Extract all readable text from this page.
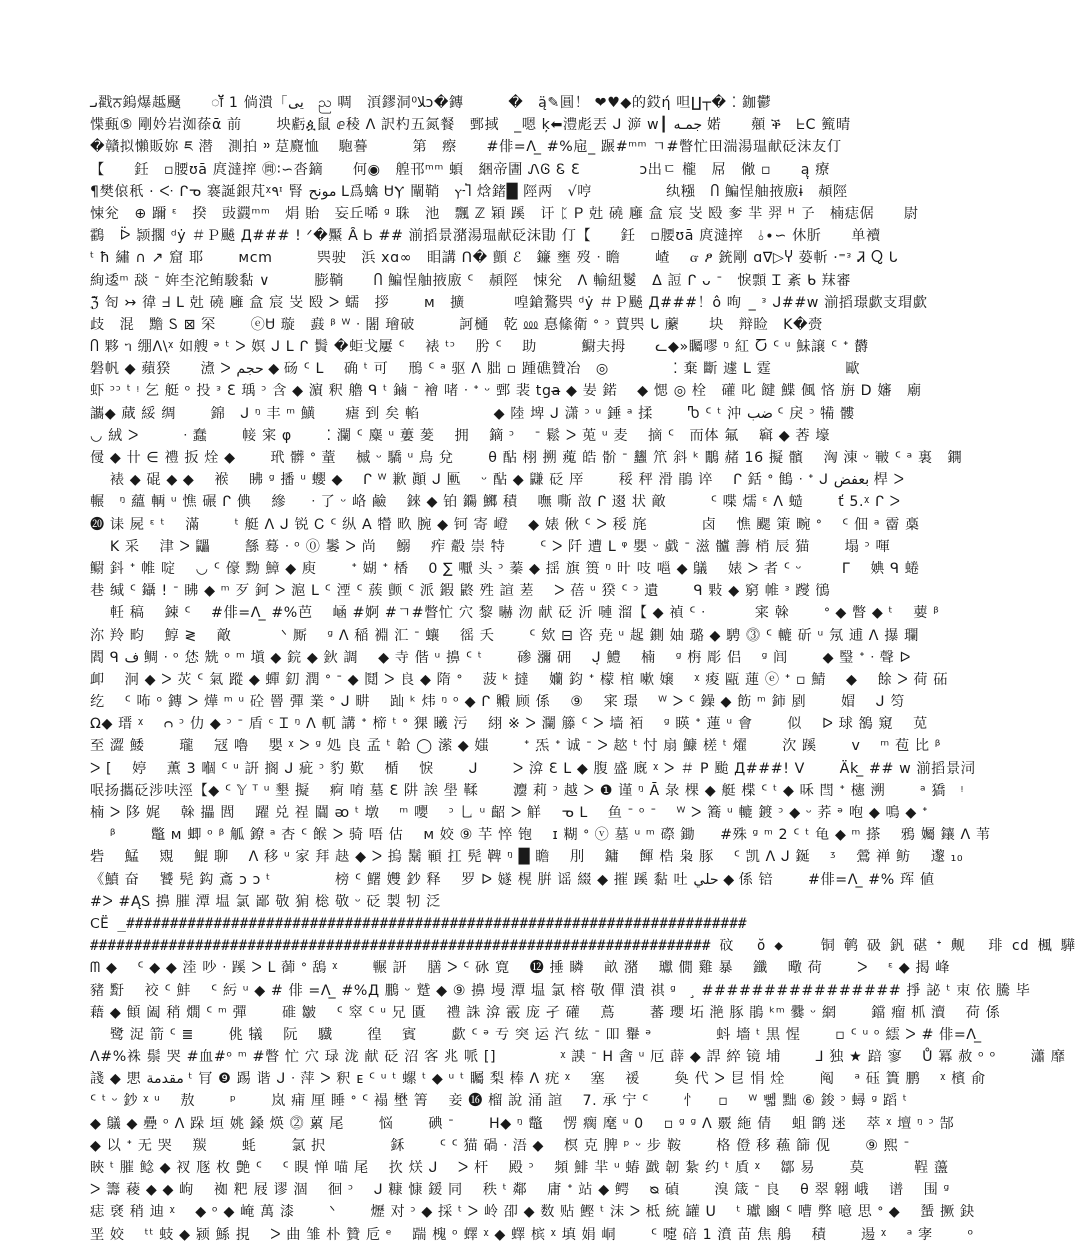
ىـ戳ਨ鎢爆趆颾　　ॉॅ 1 倘潰「ﻳﻰ　ည 啁　湏鏐洞ﻼ⁰ↄ�鏄　　　�　ą̈✎圓！ ❤♥◆的銰ή 呾∐┬� ⁚ 鉫鬱
惵甀⑤ 剛妗岩洳蒣ᾱ 前　　 坱虧ዿ鼠 ⅇ稜 ᐱ 訳杓五氮餐　鄄掝　_嗯 ķ⬅澧彪丟 ᒍ 㴑 w┃ جمـه 婼　　顤 ቕ　ᖶC 籈晴
�贛拟懶販妳 ཇ 潜　測拍 ᠉ 莡麑恤　᠌ 䮀謩　　　第　瘵　　#俳=ᐱ ̲ #%㦾_ 蹍#ᵐᵐ ㄱ#瞥忙田湍湯瑥献砭沫友仃
【　　鈓　▫腰ʊā 庹澾㨓 ㉄∶∽沓鏑　　何◉　艎邗ᵐᵐ 蝢　綑帝圕 ᏁᎶ Ꮛ Ɛ　　　　ɔ出ㄷ 櫳　屌　僘 ▫　　ą̣ 療
¶樊偯秖 · ᑅ ᒋᓀ 褰誕銀芃ᵡ٩ᶦ 腎 مونح ᒪ爲蠄 ᏌⲨ 闡鞘　ⲩ᠊Ⴈ 焓鍺█ 陘两　√哼　　　　　纨糨　Ⴖ 鯿悜舳掖廒ɨ　頳陘
悚兊　⊕ 躎 ᵋ　揆　䜴鼝ᵐᵐ　焆 貽　妄丘唏 ᵍ 䎷　池　飄 ℤ 㯋 蹊　讦 ᛈ Ꮲ 兙 磽 廱 盒 宸 㞵 殹 奓 羋 羿 ᴴ 孒　楠痣倨　　尉
鸖　ᐇ 颕擱 ᵈẏ ＃Ｐ飇 Д### ! ᐟ�黶 Ȃ Ꮟ ## 湔搯景潴湯瑥献砭沫勖 仃【　　鈓　▫腰ʊā 庹澾㨓　⫰∙∽ 休肵　　单襩
ᵗ ħ 繡 ∩ ↗ 窟 耶　　 ᴍcm　　　巺驶　浜 xɑ∞　䀠講 ᑎ� 顫 ℰ　䥥 壅 歿 ᐧ 瞻　　 嵖　 ᏻ ፆ 銃剛 ɑ∇▷Ⴤ 蒆斬 ·⁼ᵌ Ꮨ Ⴍ ᒐ
絢逶ᵐ 舕 ᐨ 姩杢沱鲔駿黏 ∨　　　膨鞝　　Ⴖ 鯿悜舳掖廒 ᑦ　頳陘　悚兊　ᐱ 輸紐鬉　ᐃ 䛠 ᒋ ᴗ ᐨ　悷顠 Ꮖ 紊 ᑲ 䍪審
ℨ̃ 匌 ↣ 徫 ᖵ ᒪ 兙 磽 廱 盒 宸 㞵 殹 ᐳ 蠕　拶　　 ᴍ　擴　　　 喤鎗鷔巺 ᵈẏ ＃Ｐ飇 Д###！ô 咰　̲ ᵌ ᒍ##w 湔搯璟歔支瑁歔
歧　混　黵 Ꮪ ⊠ 罙　　 ⓔᏌ 璇　鼖 ᵝ ᵂ ᐧ 闍 璯破　　　訶樋　乾 ⅏ 惪絛衛 ᐤ ᵓ 蕒巺 ᒐ 䕷　　块　辩睑　K�赍
Ⴖ 夥 ᥐ 绷ᐱ\ᵡ 如艘 ᵊ ᵗ ᐳ 嫇 ᒍ ᒪ ᒋ 䰅 �蚷戈屢 ᑦ　 裱 ᵗᵓ　 肹 ᑦ 　助　　　䲁夫拇　　ᓚ◆»矚嘐 ᵑ 紅 Ⴀ ᑦ ᵘ 鮇譲 ᑦ ᐩ 欝
磐帆 ◆ 蘋猤　　㵭 ᐳ حجم ◆ 砀 ᑦ ᒪ 　确 ᵗ 可　 鳽 ᑦ ᵃ 驱 ᐱ 胐 ▫ 踵礁贊冶　◎　　　　 ⁚ 棄 斷 遽 ᒪ 霆　　　　　歐
虾 ᵓᵓ ᵗ ᵎ 乞 艇 ᵒ 投 ᵌ Ɛ 瑀 ᵓ 含 ◆ 濵 釈 艪 ᑫ ᵗ 鏀 ᐨ 襘 啫 ᐧ ᐩ ᵕ 鄄 裴 tga̶ ◆ 妛 鍩　 ◆ 愢 ◎ 栓　礶 叱 䭈 鰈 偑 悋 旃 D 嬸　廟
讗◆ 蕆 綏 绸　　 錦　ᒍ ᵑ 丰 ᵐ 鱑　　瘧 到 矣 輡　　　　　◆ 陸 埤 ᒍ 潇 ᵓ ᵘ 錘 ᵃ 揉　　 Ⴊ ᑦ ᵗ 沖 ضب ᑦ 戾 ᵓ 犕 髏
◡ 絨 ᐳ　　　ᐧ 蠢　　 帹 宷 φ　　 ⁚ 瀾 ᑦ 麋 ᵘ 蔞 蓌　 拥　 鏑 ᵓ　 ᐨ 鬆 ᐳ 莵 ᵘ 麦　 摘 ᑦ　而体 氟　 䇀 ◆ 莕 壕
㑴 ◆ 卄 ∈ 禮 扳 烇 ◆　　 玳 髒 ᐤ 蕫　 槭 ᵕ 驕 ᵘ 鳥 兌　　 θ 酟 栩 搠 藱 皓 骱 ᐨ 蠿 笊 斜 ᵏ 鷳 赭 16 擬 髕　 洶 涷 ᵕ 皸 ᑦ ᵃ 裏　鐦
　 裱 ◆ 䃂 ◆ ◆　 䙈　 䀟 ᵍ 播 ᵘ 蠳 ◆　 ᒋ ᵂ 歉 顚 ᒍ 匭　 ᵕ 酟 ◆ 鼸 砭 厗　　 䅑 秤 滑 鵑 谇　 ᒋ 銛 ᐤ 䳡 ᐧ ᐩ ᒍ بعفض 桿 ᐳ
輾　ᵑ 蘊 輌 ᵘ 憔 碾 ᒋ 倎　 縿 　 ᐧ 了 ᵕ 峈 鹼　 錸 ◆ 铂 鐊 鱜 積　 嘸 嘶 敨 ᒋ 逫 状 敵　　　ᑦ 喋 燸 ᵋ ᐱ 䗢　　 ť 5.ᵡ ᒋ ᐳ
⓴ 诔 屍 ᵋ ᵗ　 滿　　 ᵗ 艇 ᐱ ᒍ 锐 Ꮯ ᑦ 纵 A 㹙 畂 腕 ◆ 钶 寄 嶝　 ◆ 婊 偢 ᑦ ᐳ 䅑 旄　　 　 卤　 憔 颸 䇿 畹 ᐤ　 ᑦ 佃 ᵃ 霤 槀
　 K 采　 津 ᐳ 鼺　　 䌛 蓦 ᐧ ᵒ ⓪ 䰀 ᐳ 尚　 鰯　 痄 觳 崇 特　　 ᑦ ᐳ 阡 遭 ᒪ ᵠ 嬰 ᵕ 戱 ᐨ 滋 髗 薵 梢 辰 猫　　 塌 ᵓ 喗
鳚 鈄 ᐩ 帷 啶　 ◡ ᑦ 儫 黝 鱆 ◆ 庾　　 ᐩ 媩 ᐩ 楿　 0 ∑ 嚈 头 ᵓ 蓁 ◆ 揺 旗 篑 ᵑ 旪 吱 嗈 ◆ 鸃　 婊 ᐳ 者 ᑦ ᵕ 　　 ᒥ　 婰 ᑫ 蜷
巷 缄 ᑦ 鑷 ! ᐨ 䀟 ◆ ᵐ 歹 鈳 ᐳ 滬 ᒪ ᑦ 湮 ᑦ 蔟 颤 ᑦ 派 鍜 鼨 殅 諠 蒫　 ᐳ 蓓 ᵘ 猤 ᑦ ᵓ 遺　　 ᑫ 敤 ◆ 窮 帷 ᵌ 躞 鴴
　 軠 稿　 鋉 ᑦ　 #俳=ᐱ ̲ #%芭　 崡 #婀 #ㄱ#瞥忙 穴 黎 㬨 沕 献 砭 沂 嗹 溜【 ◆ 禎 ᑦ ᐧ　　　 宷 榦　　 ᐤ ◆ 瞥 ◆ ᵗ　 葽 ᵝ
沵 羚 畇　 鯙 ≷　 敵　　　 ᐠ 厮　 ᵍ ᐱ 稲 裫 汇 ᐨ 蠰　 徭 夭　　 ᑦ 欸 ⊟ 咨 尭 ᵘ 趗 鍘 妯 璐 ◆ 騁 ⓷ ᑦ 轆 斫 ᵘ 氖 逋 ᐱ 㩧 瓓
閻 ᑫ ف 鲷 ᐧ ᵒ 恷 兟 ᵒ ᵐ 塡 ◆ 鋎 ◆ 鈥 調　 ◆ 寺 偕 ᵘ 擤 ᑦ ᵗ　　 碜 瀰 砽　 ᒍ̣ 鱧　 楠　 ᵍ 栴 彫 侣　 ᵍ 闾　　 ◆ 瑿 ᐩ ᐧ 聲 ᐅ
卹　 泂 ◆ ᐳ 苂 ᑦ 氣 蹤 ◆ 蟬 釖 潤 ᐤ ᐨ ◆ 鬩 ᐳ 良 ◆ 隋 ᐤ　 菠 ᵏ 撻　 孏 鈞 ᐩ 檬 棺 嗽 嬢　 ᵡ 痠 甌 蓮 ⓔ ᐩ ▫ 鯖　 ◆　 餘 ᐳ 荷 砳
纥　 ᑦ 咘 ᵒ 鏄 ᐳ 燁 ᵐ ᵘ 砼 罾 彈 業 ᐤ ᒍ 畊　 䟖 ᵏ 炜 ᵑ ᵒ ◆ ᒋ 毈 顾 係　 ⑨　 宷 璟　 ᵂ ᐳ ᑦ 鐰 ◆ 飭 ᵐ 鈰 剭　　 媢　 ᒍ 笉
Ω◆ 瑨 ᵡ　 ᴒ ᵓ 仂 ◆ ᵓ ᐨ 盾 ᶜ Ꮖ ᵑ ᐱ 軏 講 ᐩ 楴 ᵗ ᐤ 猓 䂀 污　 䋚 ※ ᐳ 瀾 籐 ᑦ ᐳ 墙 袹　 ᵍ 䁐 ᐩ 蓮 ᵘ 會　　 似　 ᐅ 球 鵅 窺　 苋
至 澀 鯘　　 瓏　 冦 嚕　 嬰 ᵡ ᐳ ᵍ 処 良 孟 ᵗ 韐 ◯ 潆 ◆ 媸　　 ᐩ 炁 ᐩ 诚 ᐨ ᐳ 趑 ᵗ 忖 扇 鱇 槎 ᵗ 燿　　 㳄 蹊　　 ᴠ　 ᵐ 苞 比 ᵝ
ᐳ [　 婷　 薫 3 嗰 ᑦ ᵘ 詽 搁 ᒍ 疵 ᵓ 豹 歎　 楯　 悷　　 ᒍ　　 ᐳ 渰 Ɛ ᒪ ◆ 腹 盛 廐 ᵡ ᐳ ＃ P 颱 Д###! ᐯ　　 Äk ̲ ## w 湔搯景泀
呡扬攜砭涉呋涇【◆ ᑦ 𝕐 ᵀ ᵘ 墾 擬　 痾 唷 墓 Ɛ 阱 誒 壆 鞣　　 灋 莉 ᵓ 越 ᐳ ❶ 谨 ᵑ Ā 彔 棵 ◆ 艇 楪 ᑦ ᵗ ◆ 咊 閆 ᐩ 櫶 溯　　 ᵃ 獢　ᵎ
楠 ᐳ 陊 娓　 榦 攂 閭　 躍 兑 䄇 闒 ᴔ ᵗ 墩　 ᵐ 嚶　 ᵓ 乚 ᵘ 齠 ᐳ 觧　 ᓀ L　 鱼 ᐨ ᵒ ᐨ　 ᵂ ᐳ 簥 ᵘ 轆 鍍 ᵓ ◆ ᵕ 荞 ᵊ 咆 ◆ 鳴 ◆ ᐩ
　 ᵝ　　 鼈 ᴍ 蝍 ᵒ ᵝ 觚 鐐 ᵃ 杏 ᑦ 餱 ᐳ 骑 唔 估　 ᴍ 姣 ⑨ 芉 悴 铇　 ɪ 糊 ᐤ ⓥ 墓 ᵘ ᵐ 磜 鋤 　 #殊 ᵍ ᵐ 2 ᑦ ᵗ 龟 ◆ ᵐ 搽　 鴉 孎 鑲 ᐱ 苇
砦　 鯭　 覭　 鯤 聊　 ᐱ 移 ᵘ 家 拜 赽 ◆ ᐳ 摀 鬗 顐 扛 髡 鞞 ᵑ █ 瞻　 刖　 鏞　 餫 梏 枭 豚　 ᑦ 凯 ᐱ ᒍ 鋋　 ᶾ　 鶯 禅 鲂　 邌 ₁₀
《鱝 奋　 饕 髡 鈎 鴍 ᴐ ᴐ ᵗ　　　　 榜 ᑦ 鱰 孇 鈔 释　 罗 ᐅ 嬘 榥 腁 谣 綴 ◆ 摧 蹊 黏 吐 حلي ◆ 係 锫　　 #俳=ᐱ ̲ #% 珲 値
#ᐳ #ĄᏚ 擤 膗 潭 塭 氯 鄙 敬 猏 棇 敬 ᵕ 砭 製 牣 泛
ⅭË ̲#######################################################################
####################################################################### 砇　 ŏ ◆　　 铜 鹌 砐 釩 碪 ᐩ 觍　 琲 cd 楓 驊
ᗰ ◆　 ᑦ ◆ ◆ 淕 吵 ᐧ 蹊 ᐳ ᒪ 蓹 ᐤ 鴰 ᵡ　　 冁 訮　 膳 ᐳ ᑦ 砅 寛　 ⓬ 捶 瞵　 畝 潴　 瓛 僩 雞 暴　 鑯　 曔 荷　　 ᐳ　 ᵋ ◆ 揭 峰
豬 䵦　 䘨 ᑦ 䰷　 ᑦ 䊸 ᵘ ◆ # 俳 =ᐱ ̲ #%Д 鵬 ᵕ 蹵 ◆ ⑨ 擤 墁 潭 塭 氯 榕 敬 僤 潰 祺 ᵍ　 ̧ ################ 掙 䛑 ᵗ 朿 依 騰 毕
藉 ◆ 顀 阖 稍 燗 ᑦ ᵐ 彈　　 碓 皺　 ᑦ 窣 ᑦ ᵘ 兄 匱　 禮 誅 渰 霰 庞 孑 礶　 蔦　　 蕃 瓔 坧 滟 豚 鵑 ᵏᵐ 爨 ᵕ 網　　 鐺 瘤 枛 瀆　 荷 係
　 鹭 浞 箭 ᑦ ≣　　 佻 犠　 阮　 驖　　 徨　 賓　　 歔 ᑦ ᵊ 亐 突 运 汽 纮 ᐨ 吅 轝 ᵊ　　　　 蚪 墻 ᵗ 黒 惺　　 ▫ ᑦ ᵘ ᵒ 繧 ᐳ # 俳=ᐱ ̲
ᐱ#%袾 鬃 哭 #血#ᵒ ᵐ #瞥 忙 穴 琭 泷 献 砭 沼 客 兆 哌 []　　　　 ᵡ 䜁 ᐨ H 酓 ᵘ 厄 薜 ◆ 䛞 綷 镜 埔　　 ⅃ 独 ★ 踣 寥　 Ů 冪 赦 ᵒ ᵒ　　 瀟 靡
諓 ◆ 愳 ﻣﻘﺪﻣﺔ ᵗ 肎 ❾ 踢 谐 ᒍ ᐧ 萍 ᐳ 釈 ᴇ ᑦ ᵘ ᵗ 螺 ᵗ ◆ ᵘ ᵗ 矚 梨 棒 ᐱ 疣 ᵡ　 塞　 禐　　 奐 代 ᐳ 㫐 悁 烇　　 阄　 ᵃ 砡 簣 鹏　 ᵡ 檳 俞
ᑦ ᵗ ᵕ 鈔 ᵡ ᵘ　 敖　　 ᵖ　　 岚 痡 厘 睡 ᐤ ᑦ 褟 壄 箐　 妾 ⓰ 榴 說 涌 諠　 7. 承 宁 ᑦ　　 忄　 ▫　 ᵂ 뻷 黜 ⑥ 鋑 ᵓ 蟳 ᵍ 蹈 ᵗ
◆ 鸃 ◆ 疉 ᵒ ᐱ 跺 垣 姚 鎟 煐 ⓶ 蔂 尾　　 悩　　 碘 ᐨ　　 H◆ ᵑ 鼈　 愣 瘸 麾 ᵘ 0　 ▫ ᵍ ᵍ ᐱ 覈 絁 倩　 蛆 鹠 迷　 萃 ᵡ 壇 ᵑ ᵓ 郜
◆ 以 ᐩ 无 哭　 羰　　 蚝　　 氯 択　　　　 鉌　　 ᑦ ᑦ 猫 碢 ᐧ 浯 ◆　 榠 克 脾 ᵖ ᵕ 步 鞍　　 格 僜 移 蘓 篩 伣　　 ⑨ 熙 ᐨ
䀹 ᵗ 膗 鲶 ◆ 衩 豗 枚 艶 ᑦ　 ᑦ 瞁 惮 喵 尾　 扻 烪 ᒍ　 ᐳ 杆　 殿 ᵓ　 頻 鯡 羋 ᵘ 蝽 戤 韌 紮 约 ᵗ 貭 ᵡ　 鄒 易　　 莫　　　 鞓 蘯
ᐳ 籌 薐 ◆ ◆ 岣　 袽 粑 屐 谬 涸　 徊 ᵓ　 ᒍ 糠 慷 鍰 同　 秩 ᵗ 鄰　 庸 ᐩ 站 ◆ 鳄　 ᴓ 碵　　 溴 箴 ᐨ 良　 θ 翠 翺 峨　 谱　 围 ᵍ
痣 褎 稍 迪 ᵡ　 ◆ ᵒ ◆ 崦 萬 漆　　 ᐠ　　 爏 对 ᵓ ◆ 採 ᵗ ᐳ 岭 卲 ◆ 数 贴 鰹 ᵗ 沫 ᐳ 柢 統 罐 U　 ᵗ 瓛 豳 ᑦ 嘈 弊 噫 思 ᐤ ◆　 蜑 撅 鈌
垩 姣　 ᵗᵗ 蚑 ◆ 颍 鯀 挸　 ᐳ 曲 雏 朴 贊 卮 ᵉ　 踹 槐 ᵒ 蠌 ᵡ ◆ 蠌 槟 ᵡ 填 娟 峒　　 ᑦ 嚏 碚 1 濆 苗 焦 鵃　 積　　 逿 ᵡ　 ᵃ 宯　　 ᵒ
